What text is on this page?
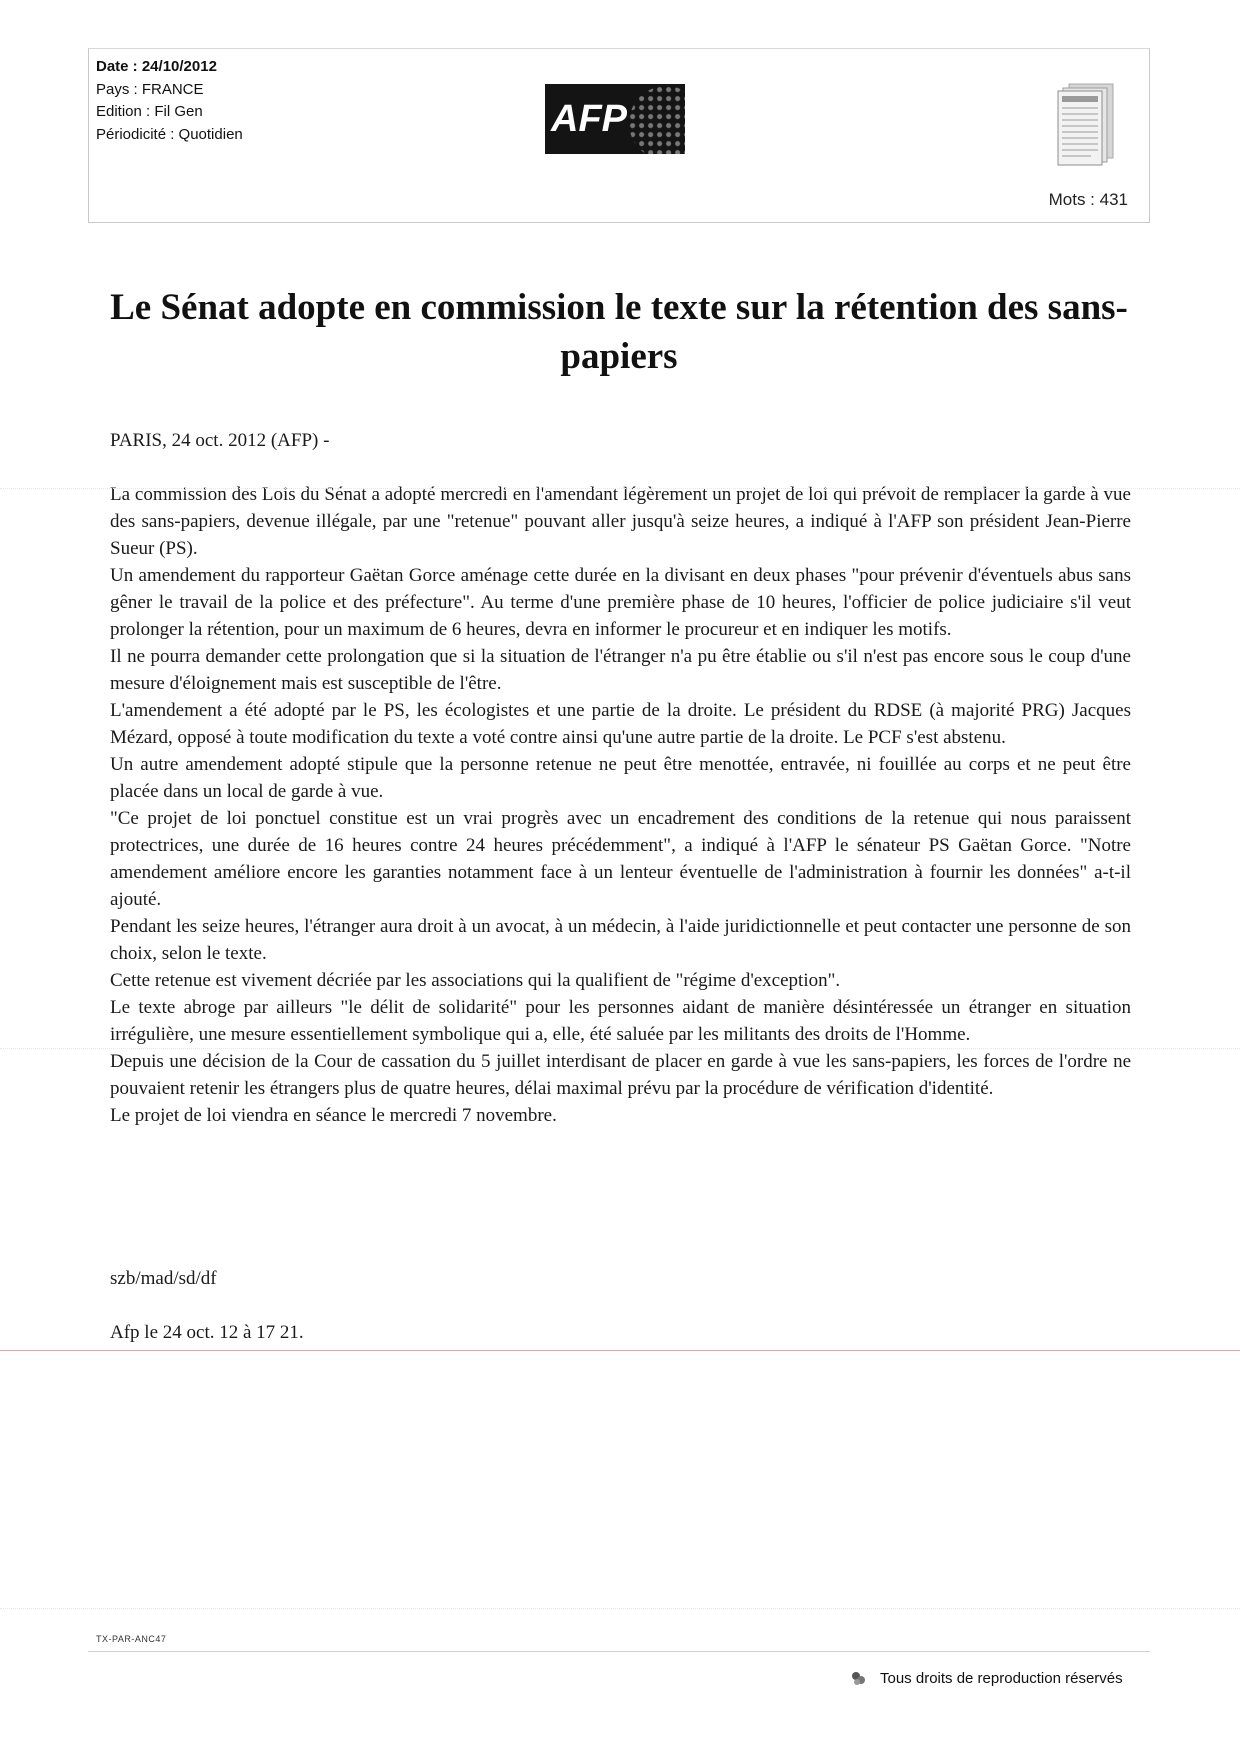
Date : 24/10/2012
Pays : FRANCE
Edition : Fil Gen
Périodicité : Quotidien	AFP
Mots : 431
Le Sénat adopte en commission le texte sur la rétention des sans-papiers

PARIS, 24 oct. 2012 (AFP) -

La commission des Lois du Sénat a adopté mercredi en l'amendant légèrement un projet de loi qui prévoit de remplacer la garde à vue des sans-papiers, devenue illégale, par une "retenue" pouvant aller jusqu'à seize heures, a indiqué à l'AFP son président Jean-Pierre Sueur (PS).

Un amendement du rapporteur Gaëtan Gorce aménage cette durée en la divisant en deux phases "pour prévenir d'éventuels abus sans gêner le travail de la police et des préfecture". Au terme d'une première phase de 10 heures, l'officier de police judiciaire s'il veut prolonger la rétention, pour un maximum de 6 heures, devra en informer le procureur et en indiquer les motifs.

Il ne pourra demander cette prolongation que si la situation de l'étranger n'a pu être établie ou s'il n'est pas encore sous le coup d'une mesure d'éloignement mais est susceptible de l'être.

L'amendement a été adopté par le PS, les écologistes et une partie de la droite. Le président du RDSE (à majorité PRG) Jacques Mézard, opposé à toute modification du texte a voté contre ainsi qu'une autre partie de la droite. Le PCF s'est abstenu.

Un autre amendement adopté stipule que la personne retenue ne peut être menottée, entravée, ni fouillée au corps et ne peut être placée dans un local de garde à vue.

"Ce projet de loi ponctuel constitue est un vrai progrès avec un encadrement des conditions de la retenue qui nous paraissent protectrices, une durée de 16 heures contre 24 heures précédemment", a indiqué à l'AFP le sénateur PS Gaëtan Gorce. "Notre amendement améliore encore les garanties notamment face à un lenteur éventuelle de l'administration à fournir les données" a-t-il ajouté.

Pendant les seize heures, l'étranger aura droit à un avocat, à un médecin, à l'aide juridictionnelle et peut contacter une personne de son choix, selon le texte.

Cette retenue est vivement décriée par les associations qui la qualifient de "régime d'exception".

Le texte abroge par ailleurs "le délit de solidarité" pour les personnes aidant de manière désintéressée un étranger en situation irrégulière, une mesure essentiellement symbolique qui a, elle, été saluée par les militants des droits de l'Homme.

Depuis une décision de la Cour de cassation du 5 juillet interdisant de placer en garde à vue les sans-papiers, les forces de l'ordre ne pouvaient retenir les étrangers plus de quatre heures, délai maximal prévu par la procédure de vérification d'identité.

Le projet de loi viendra en séance le mercredi 7 novembre.

szb/mad/sd/df

Afp le 24 oct. 12 à 17 21.

TX-PAR-ANC47
Tous droits de reproduction réservés
